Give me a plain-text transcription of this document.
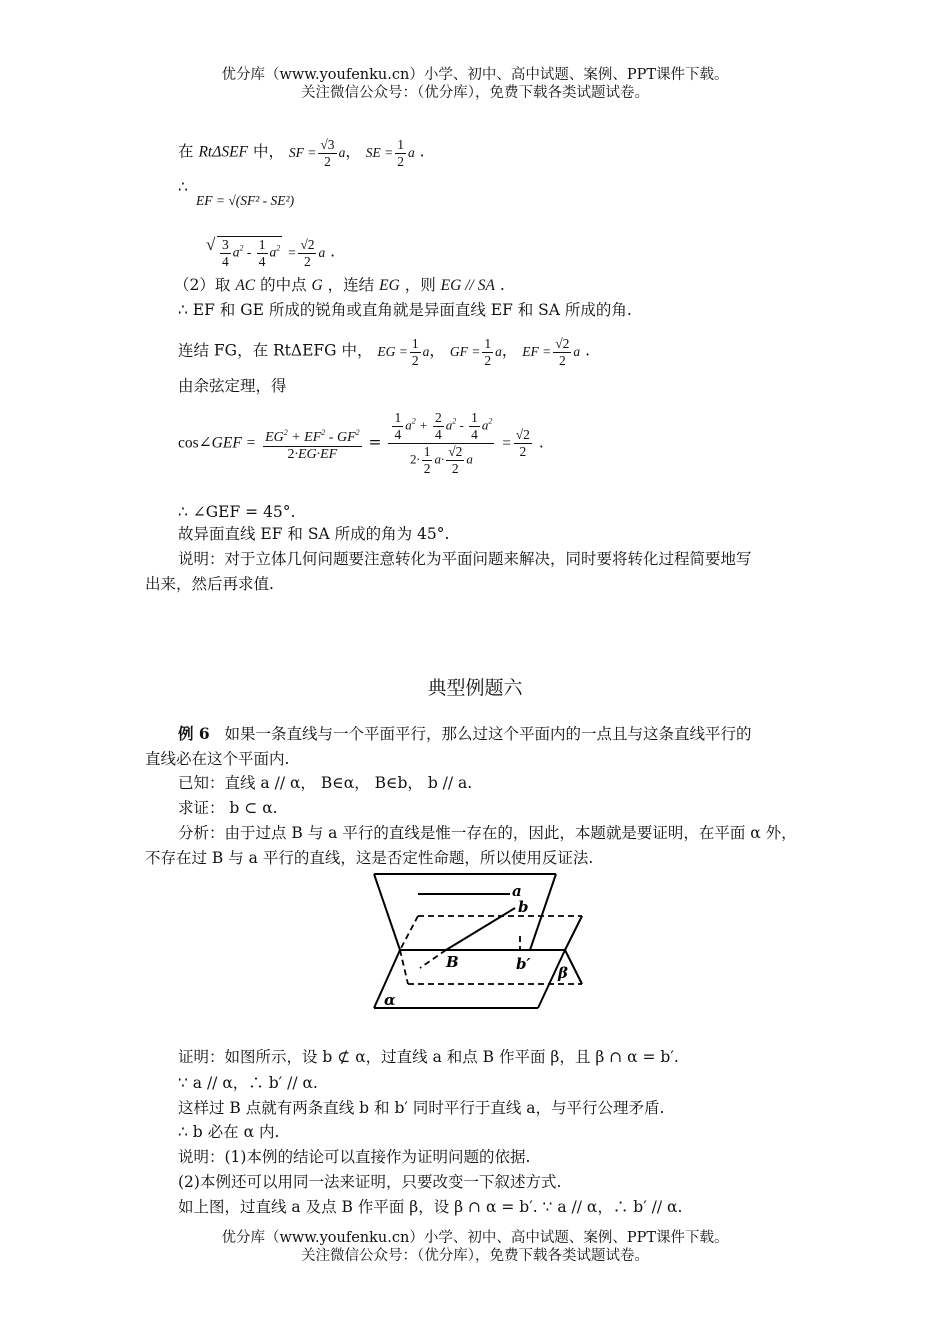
优分库（www.youfenku.cn）小学、初中、高中试题、案例、PPT课件下载。
关注微信公众号：（优分库），免费下载各类试题试卷。
在 RtΔSEF 中， SF = $\frac{√3}{2}$ a， SE = $\frac{1}{2}$ a .
∴
EF = √(SF² - SE²)
√ $\frac{3}{4} a^2 - \frac{1}{4} a^2 = \frac{√2}{2}$ a .
（2）取 AC 的中点 G ，连结 EG ，则 EG // SA .
∴ EF 和 GE 所成的锐角或直角就是异面直线 EF 和 SA 所成的角.
连结 FG，在 RtΔEFG 中， EG = $\frac{1}{2}$ a， GF = $\frac{1}{2}$ a， EF = $\frac{√2}{2}$ a .
由余弦定理，得
cos∠GEF = $\frac{EG^2 + EF^2 - GF^2}{2\cdot EG\cdot EF} = \frac{\frac{1}{4} a^2 + \frac{2}{4} a^2 - \frac{1}{4} a^2}{2\cdot \frac{1}{2} a\cdot \frac{√2}{2} a} = \frac{√2}{2}$ .
∴ ∠GEF = 45°.
故异面直线 EF 和 SA 所成的角为 45°.
说明：对于立体几何问题要注意转化为平面问题来解决，同时要将转化过程简要地写
出来，然后再求值.
典型例题六
例 6 如果一条直线与一个平面平行，那么过这个平面内的一点且与这条直线平行的
直线必在这个平面内.
已知：直线 a // α， B∈α， B∈b， b // a.
求证： b ⊂ α.
分析：由于过点 B 与 a 平行的直线是惟一存在的，因此，本题就是要证明，在平面 α 外，
不存在过 B 与 a 平行的直线，这是否定性命题，所以使用反证法.
a
b
B	b′ β
α
证明：如图所示，设 b ⊄ α，过直线 a 和点 B 作平面 β，且 β ∩ α = b′.
∵ a // α，∴ b′ // α.
这样过 B 点就有两条直线 b 和 b′ 同时平行于直线 a，与平行公理矛盾.
∴ b 必在 α 内.
说明：(1)本例的结论可以直接作为证明问题的依据.
(2)本例还可以用同一法来证明，只要改变一下叙述方式.
如上图，过直线 a 及点 B 作平面 β，设 β ∩ α = b′. ∵ a // α，∴ b′ // α.
优分库（www.youfenku.cn）小学、初中、高中试题、案例、PPT课件下载。
关注微信公众号：（优分库），免费下载各类试题试卷。
